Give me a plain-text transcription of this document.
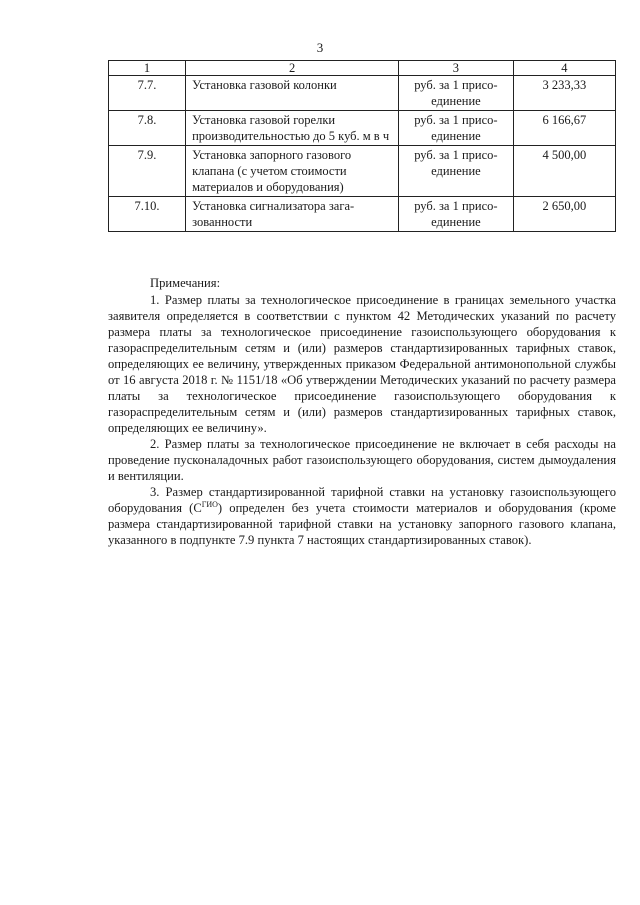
3
1	2	3	4
7.7.	Установка газовой колонки	руб. за 1 присо-единение	3 233,33
7.8.	Установка газовой горелки производительностью до 5 куб. м в ч	руб. за 1 присо-единение	6 166,67
7.9.	Установка запорного газового клапана (с учетом стоимости материалов и оборудования)	руб. за 1 присо-единение	4 500,00
7.10.	Установка сигнализатора зага-зованности	руб. за 1 присо-единение	2 650,00

Примечания:

1. Размер платы за технологическое присоединение в границах земельного участка заявителя определяется в соответствии с пунктом 42 Методических указаний по расчету размера платы за технологическое присоединение газоиспользующего оборудования к газораспределительным сетям и (или) размеров стандартизированных тарифных ставок, определяющих ее величину, утвержденных приказом Федеральной антимонопольной службы от 16 августа 2018 г. № 1151/18 «Об утверждении Методических указаний по расчету размера платы за технологическое присоединение газоиспользующего оборудования к газораспределительным сетям и (или) размеров стандартизированных тарифных ставок, определяющих ее величину».

2. Размер платы за технологическое присоединение не включает в себя расходы на проведение пусконаладочных работ газоиспользующего оборудования, систем дымоудаления и вентиляции.

3. Размер стандартизированной тарифной ставки на установку газоиспользующего оборудования $(С^{ГИО})$ определен без учета стоимости материалов и оборудования (кроме размера стандартизированной тарифной ставки на установку запорного газового клапана, указанного в подпункте 7.9 пункта 7 настоящих стандартизированных ставок).
